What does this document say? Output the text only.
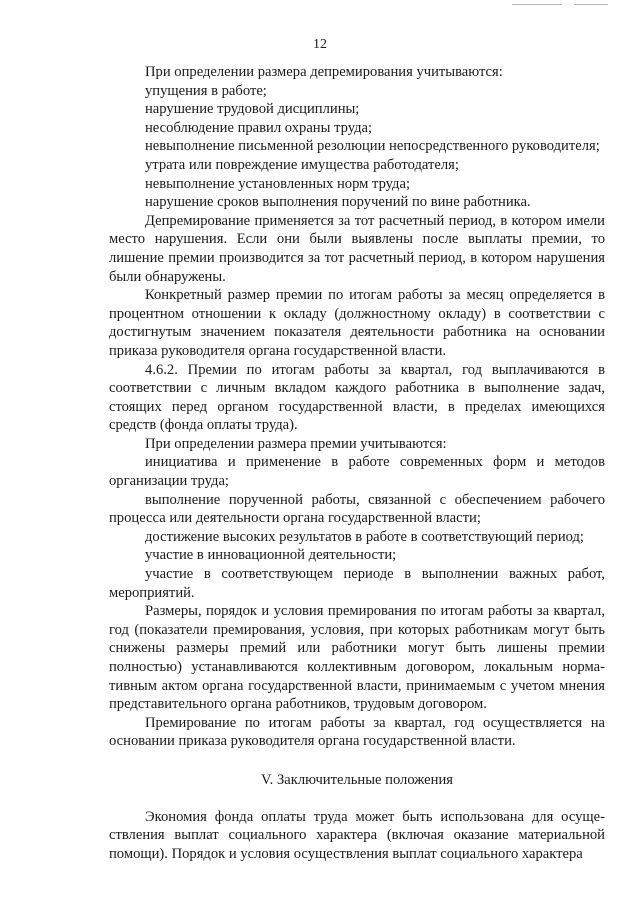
12

При определении размера депремирования учитываются:

упущения в работе;

нарушение трудовой дисциплины;

несоблюдение правил охраны труда;

невыполнение письменной резолюции непосредственного руководителя;

утрата или повреждение имущества работодателя;

невыполнение установленных норм труда;

нарушение сроков выполнения поручений по вине работника.

Депремирование применяется за тот расчетный период, в котором имели место нарушения. Если они были выявлены после выплаты премии, то лишение премии производится за тот расчетный период, в котором нарушения были обнаружены.

Конкретный размер премии по итогам работы за месяц определяется в процентном отношении к окладу (должностному окладу) в соответствии с достигнутым значением показателя деятельности работника на основании приказа руководителя органа государственной власти.

4.6.2. Премии по итогам работы за квартал, год выплачиваются в соответствии с личным вкладом каждого работника в выполнение задач, стоящих перед органом государственной власти, в пределах имеющихся средств (фонда оплаты труда).

При определении размера премии учитываются:

инициатива и применение в работе современных форм и методов организации труда;

выполнение порученной работы, связанной с обеспечением рабочего процесса или деятельности органа государственной власти;

достижение высоких результатов в работе в соответствующий период;

участие в инновационной деятельности;

участие в соответствующем периоде в выполнении важных работ, мероприятий.

Размеры, порядок и условия премирования по итогам работы за квартал, год (показатели премирования, условия, при которых работникам могут быть снижены размеры премий или работники могут быть лишены премии полностью) устанавливаются коллективным договором, локальным нормативным актом органа государственной власти, принимаемым с учетом мнения представительного органа работников, трудовым договором.

Премирование по итогам работы за квартал, год осуществляется на основании приказа руководителя органа государственной власти.

V. Заключительные положения

Экономия фонда оплаты труда может быть использована для осуществления выплат социального характера (включая оказание материальной помощи). Порядок и условия осуществления выплат социального характера
